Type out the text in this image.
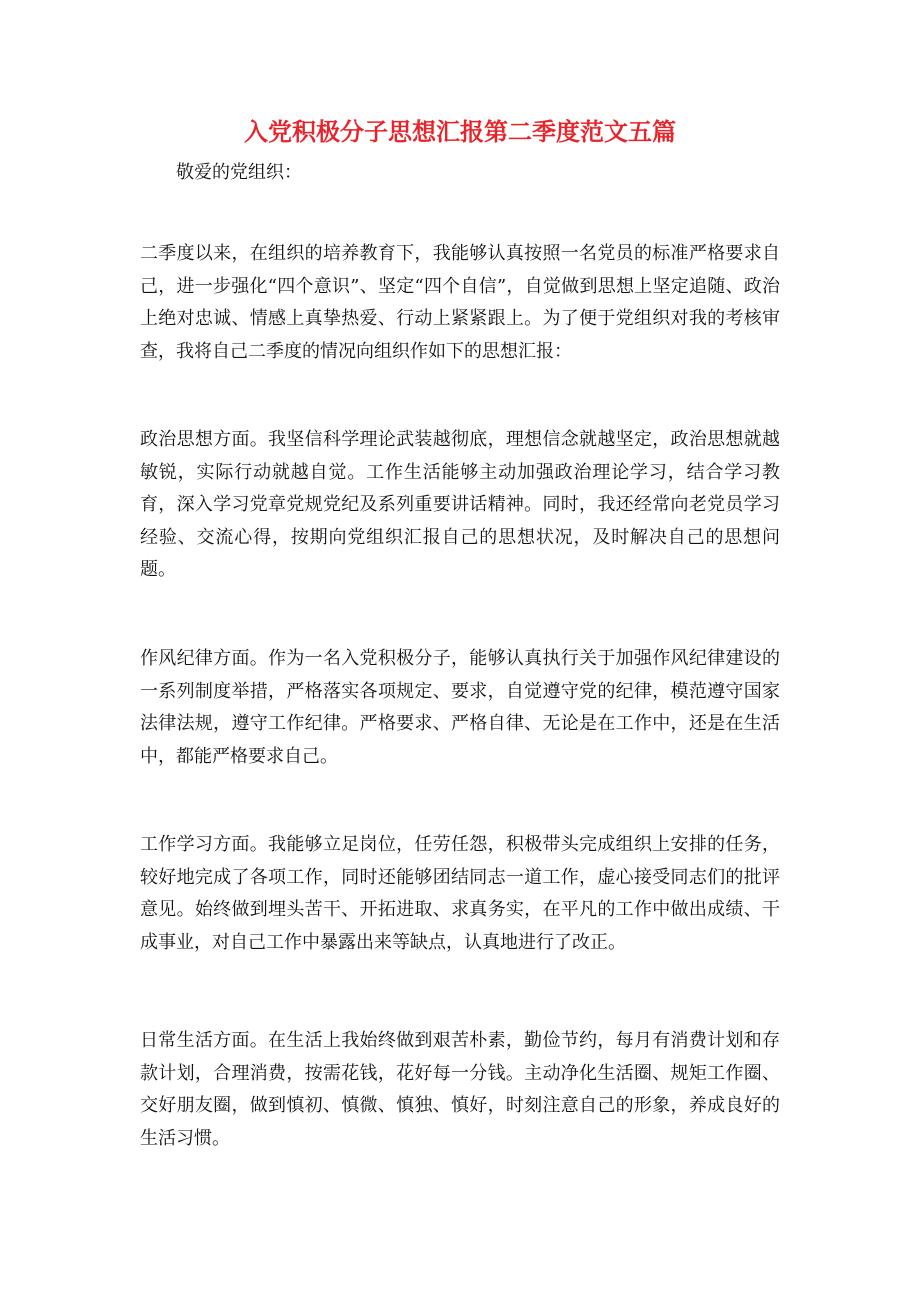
入党积极分子思想汇报第二季度范文五篇

敬爱的党组织：

二季度以来，在组织的培养教育下，我能够认真按照一名党员的标准严格要求自己，进一步强化“四个意识”、坚定“四个自信”，自觉做到思想上坚定追随、政治上绝对忠诚、情感上真挚热爱、行动上紧紧跟上。为了便于党组织对我的考核审查，我将自己二季度的情况向组织作如下的思想汇报：

政治思想方面。我坚信科学理论武装越彻底，理想信念就越坚定，政治思想就越敏锐，实际行动就越自觉。工作生活能够主动加强政治理论学习，结合学习教育，深入学习党章党规党纪及系列重要讲话精神。同时，我还经常向老党员学习经验、交流心得，按期向党组织汇报自己的思想状况，及时解决自己的思想问题。

作风纪律方面。作为一名入党积极分子，能够认真执行关于加强作风纪律建设的一系列制度举措，严格落实各项规定、要求，自觉遵守党的纪律，模范遵守国家法律法规，遵守工作纪律。严格要求、严格自律、无论是在工作中，还是在生活中，都能严格要求自己。

工作学习方面。我能够立足岗位，任劳任怨，积极带头完成组织上安排的任务，较好地完成了各项工作，同时还能够团结同志一道工作，虚心接受同志们的批评意见。始终做到埋头苦干、开拓进取、求真务实，在平凡的工作中做出成绩、干成事业，对自己工作中暴露出来等缺点，认真地进行了改正。

日常生活方面。在生活上我始终做到艰苦朴素，勤俭节约，每月有消费计划和存款计划，合理消费，按需花钱，花好每一分钱。主动净化生活圈、规矩工作圈、交好朋友圈，做到慎初、慎微、慎独、慎好，时刻注意自己的形象，养成良好的生活习惯。
